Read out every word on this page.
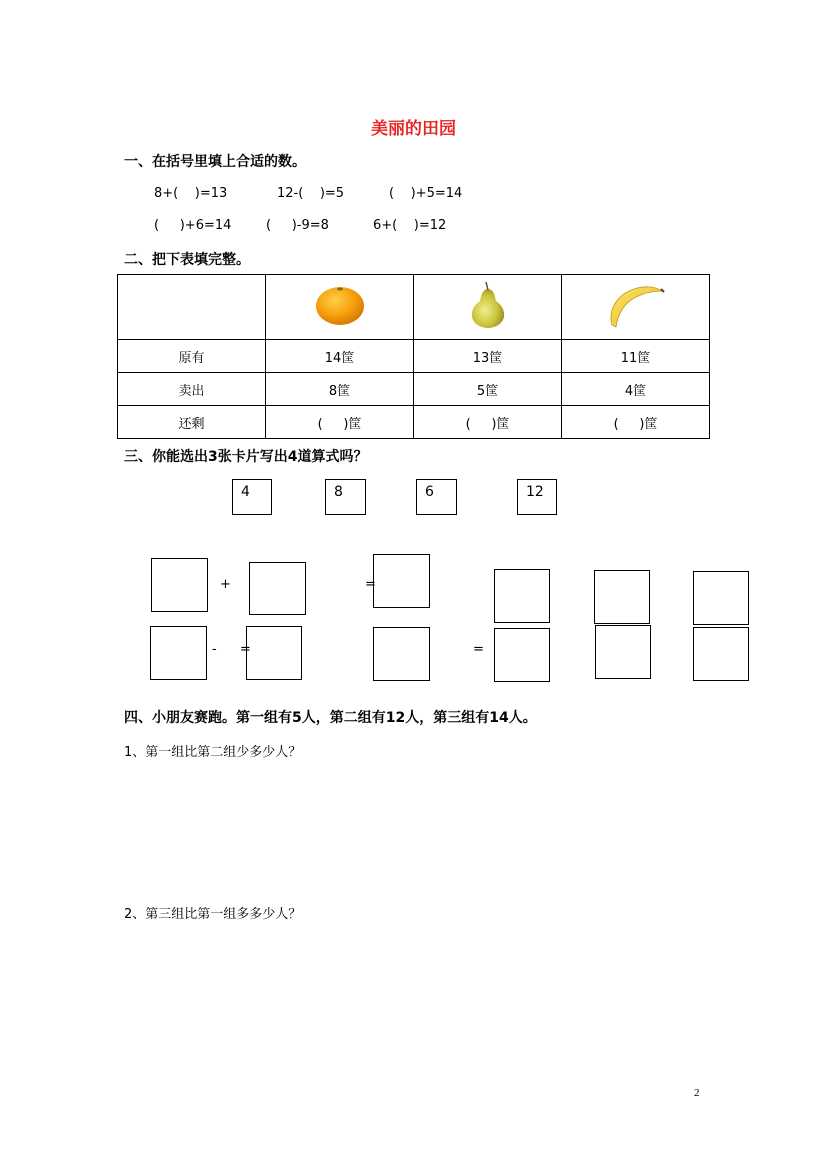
美丽的田园
一、在括号里填上合适的数。
8+(    )=13	12-(    )=5	(    )+5=14
(     )+6=14	(     )-9=8	6+(    )=12
二、把下表填完整。

原有	14筐	13筐	11筐
卖出	8筐	5筐	4筐
还剩	(     )筐	(     )筐	(     )筐
三、你能选出3张卡片写出4道算式吗？
4	8	6	12
+	=
- =	=
四、小朋友赛跑。第一组有5人，第二组有12人，第三组有14人。
1、第一组比第二组少多少人？
2、第三组比第一组多多少人？
2
